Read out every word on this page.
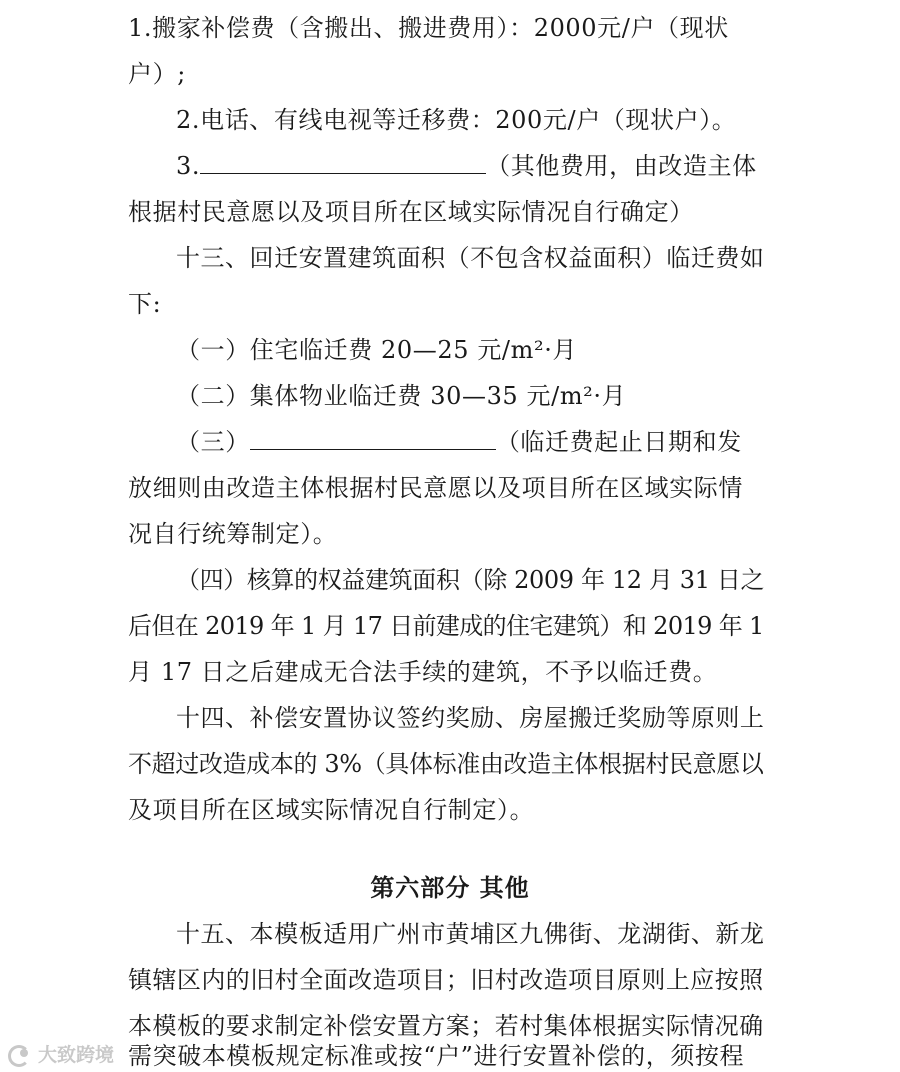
1.搬家补偿费（含搬出、搬进费用）：2000元/户（现状
户）;
2.电话、有线电视等迁移费：200元/户（现状户）。
3.	（其他费用，由改造主体
根据村民意愿以及项目所在区域实际情况自行确定）
十三、回迁安置建筑面积（不包含权益面积）临迁费如
下:
（一）住宅临迁费 20—25 元/m²·月
（二）集体物业临迁费 30—35 元/m²·月
（三）	（临迁费起止日期和发
放细则由改造主体根据村民意愿以及项目所在区域实际情
况自行统筹制定）。
（四）核算的权益建筑面积（除 2009 年 12 月 31 日之
后但在 2019 年 1 月 17 日前建成的住宅建筑）和 2019 年 1
月 17 日之后建成无合法手续的建筑，不予以临迁费。
十四、补偿安置协议签约奖励、房屋搬迁奖励等原则上
不超过改造成本的 3%（具体标准由改造主体根据村民意愿以
及项目所在区域实际情况自行制定）。
第六部分 其他
十五、本模板适用广州市黄埔区九佛街、龙湖街、新龙
镇辖区内的旧村全面改造项目；旧村改造项目原则上应按照
本模板的要求制定补偿安置方案；若村集体根据实际情况确
需突破本模板规定标准或按“户”进行安置补偿的，须按程
大致跨境
